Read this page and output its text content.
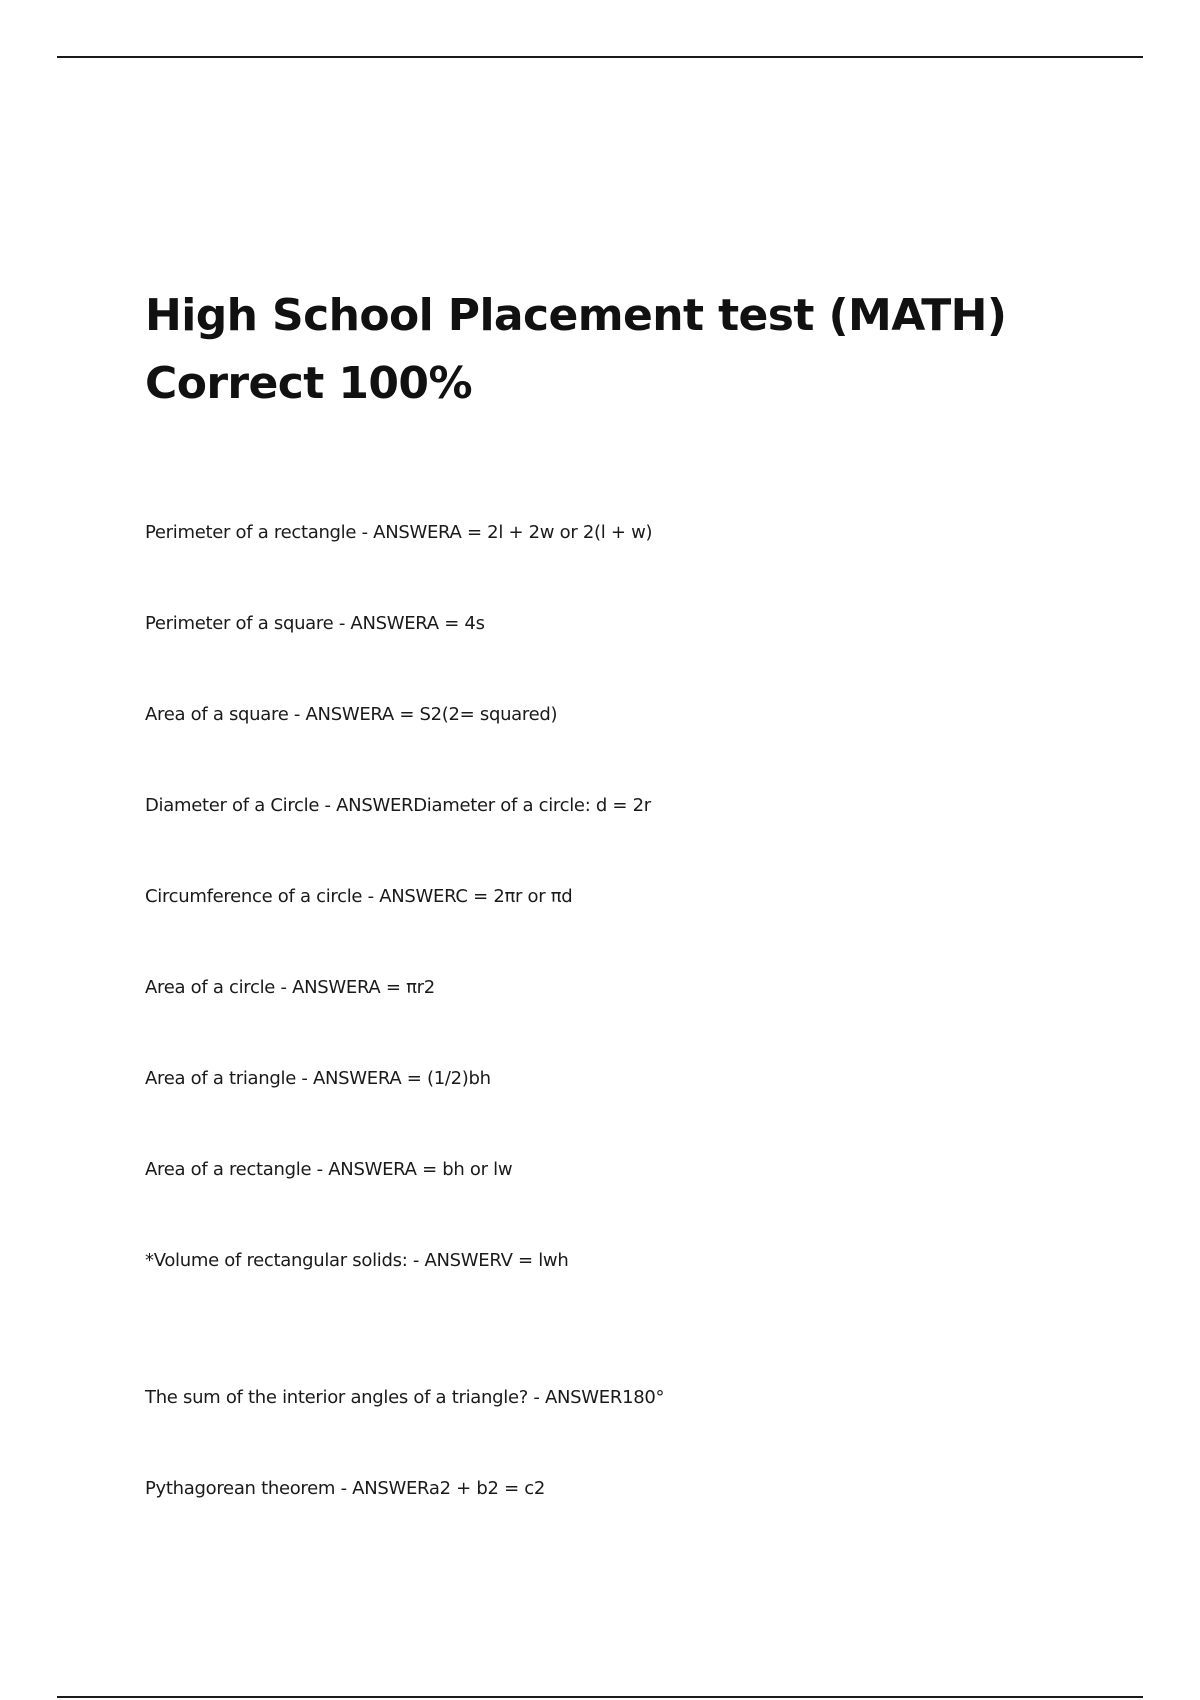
High School Placement test (MATH)
Correct 100%

Perimeter of a rectangle - ANSWERA = 2l + 2w or 2(l + w)

Perimeter of a square - ANSWERA = 4s

Area of a square - ANSWERA = S2(2= squared)

Diameter of a Circle - ANSWERDiameter of a circle: d = 2r

Circumference of a circle - ANSWERC = 2πr or πd

Area of a circle - ANSWERA = πr2

Area of a triangle - ANSWERA = (1/2)bh

Area of a rectangle - ANSWERA = bh or lw

*Volume of rectangular solids: - ANSWERV = lwh

The sum of the interior angles of a triangle? - ANSWER180°

Pythagorean theorem - ANSWERa2 + b2 = c2
